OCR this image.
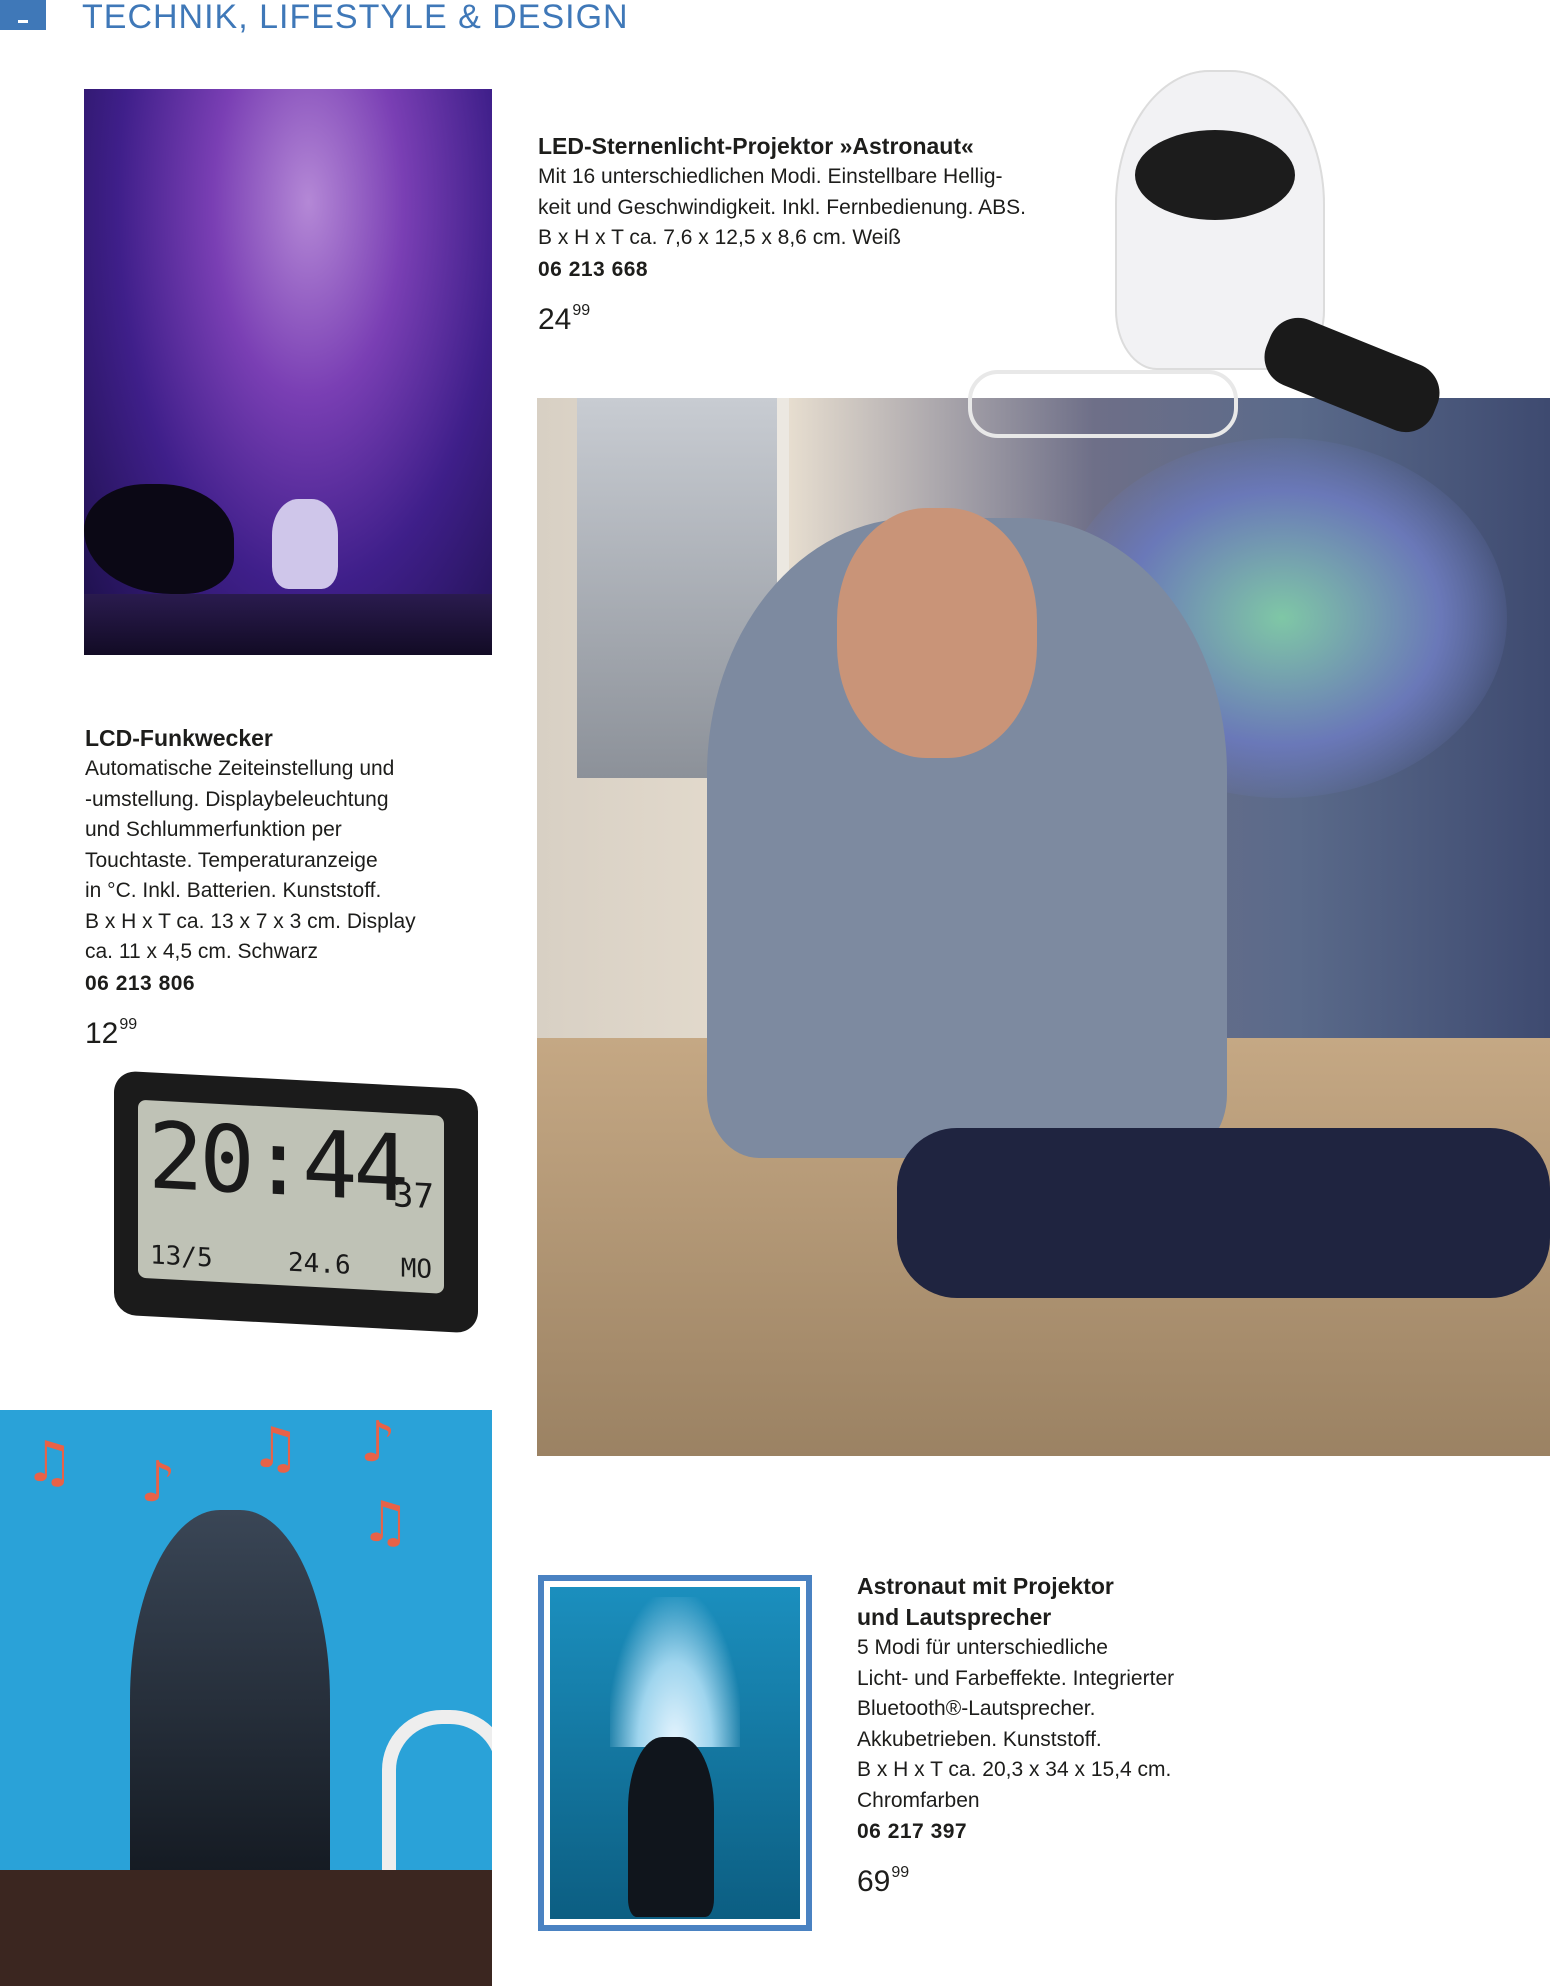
TECHNIK, LIFESTYLE & DESIGN

LED-Sternenlicht-Projektor »Astronaut«

Mit 16 unterschiedlichen Modi. Einstellbare Hellig-
keit und Geschwindigkeit. Inkl. Fernbedienung. ABS.
B x H x T ca. 7,6 x 12,5 x 8,6 cm. Weiß

06 213 668

$24^{99}$

LCD-Funkwecker

Automatische Zeiteinstellung und
-umstellung. Displaybeleuchtung
und Schlummerfunktion per
Touchtaste. Temperaturanzeige
in °C. Inkl. Batterien. Kunststoff.
B x H x T ca. 13 x 7 x 3 cm. Display
ca. 11 x 4,5 cm. Schwarz

06 213 806

$12^{99}$
20:44
37
13/5	24.6 MO
♫ ♪
♫ ♪
♫

Astronaut mit Projektor
und Lautsprecher

5 Modi für unterschiedliche
Licht- und Farbeffekte. Integrierter
Bluetooth®-Lautsprecher.
Akkubetrieben. Kunststoff.
B x H x T ca. 20,3 x 34 x 15,4 cm.
Chromfarben

06 217 397

$69^{99}$
